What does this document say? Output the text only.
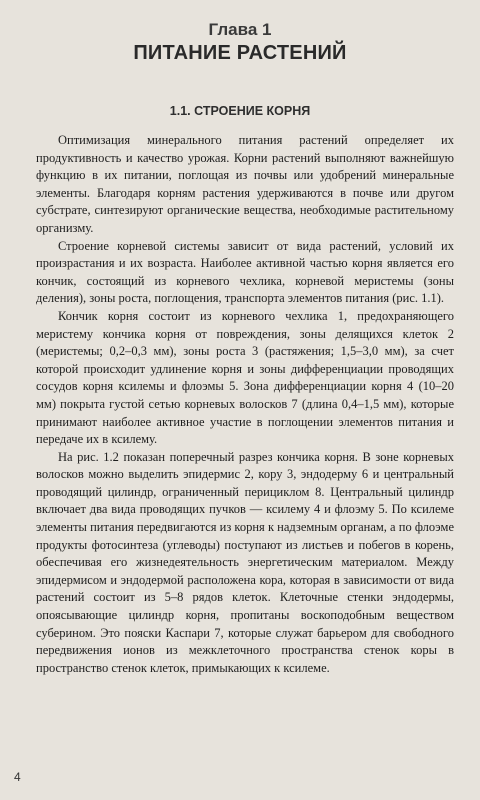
Глава 1
ПИТАНИЕ РАСТЕНИЙ
1.1. СТРОЕНИЕ КОРНЯ

Оптимизация минерального питания растений определяет их продуктивность и качество урожая. Корни растений выполняют важнейшую функцию в их питании, поглощая из почвы или удобрений минеральные элементы. Благодаря корням растения удерживаются в почве или другом субстрате, синтезируют органические вещества, необходимые растительному организму.

Строение корневой системы зависит от вида растений, условий их произрастания и их возраста. Наиболее активной частью корня является его кончик, состоящий из корневого чехлика, корневой меристемы (зоны деления), зоны роста, поглощения, транспорта элементов питания (рис. 1.1).

Кончик корня состоит из корневого чехлика 1, предохраняющего меристему кончика корня от повреждения, зоны делящихся клеток 2 (меристемы; 0,2–0,3 мм), зоны роста 3 (растяжения; 1,5–3,0 мм), за счет которой происходит удлинение корня и зоны дифференциации проводящих сосудов корня ксилемы и флоэмы 5. Зона дифференциации корня 4 (10–20 мм) покрыта густой сетью корневых волосков 7 (длина 0,4–1,5 мм), которые принимают наиболее активное участие в поглощении элементов питания и передаче их в ксилему.

На рис. 1.2 показан поперечный разрез кончика корня. В зоне корневых волосков можно выделить эпидермис 2, кору 3, эндодерму 6 и центральный проводящий цилиндр, ограниченный перициклом 8. Центральный цилиндр включает два вида проводящих пучков — ксилему 4 и флоэму 5. По ксилеме элементы питания передвигаются из корня к надземным органам, а по флоэме продукты фотосинтеза (углеводы) поступают из листьев и побегов в корень, обеспечивая его жизнедеятельность энергетическим материалом. Между эпидермисом и эндодермой расположена кора, которая в зависимости от вида растений состоит из 5–8 рядов клеток. Клеточные стенки эндодермы, опоясывающие цилиндр корня, пропитаны воскоподобным веществом суберином. Это пояски Каспари 7, которые служат барьером для свободного передвижения ионов из межклеточного пространства стенок коры в пространство стенок клеток, примыкающих к ксилеме.

4
